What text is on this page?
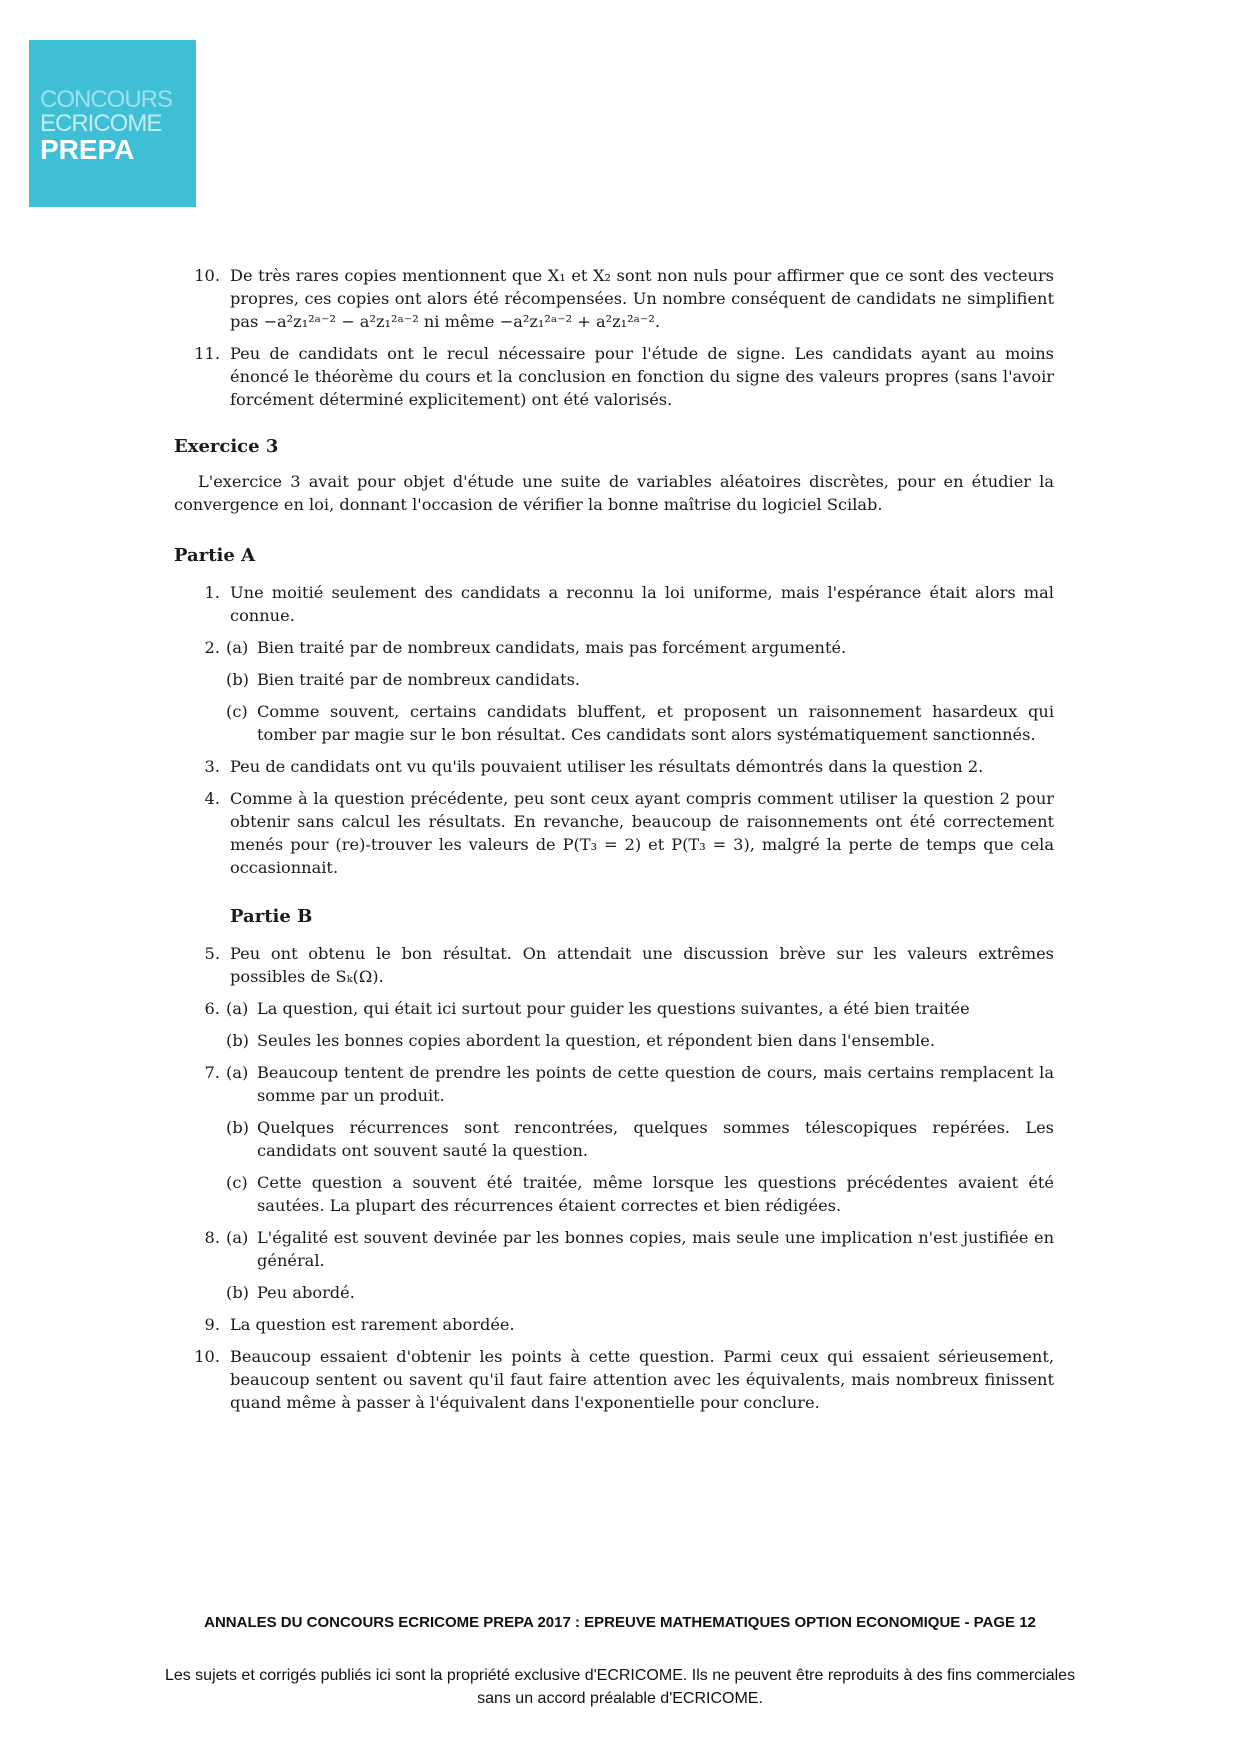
CONCOURS
ECRICOME
PREPA
10. De très rares copies mentionnent que X₁ et X₂ sont non nuls pour affirmer que ce sont des vecteurs propres, ces copies ont alors été récompensées. Un nombre conséquent de candidats ne simplifient pas −a²z₁²ᵃ⁻² − a²z₁²ᵃ⁻² ni même −a²z₁²ᵃ⁻² + a²z₁²ᵃ⁻².
11. Peu de candidats ont le recul nécessaire pour l'étude de signe. Les candidats ayant au moins énoncé le théorème du cours et la conclusion en fonction du signe des valeurs propres (sans l'avoir forcément déterminé explicitement) ont été valorisés.
Exercice 3
L'exercice 3 avait pour objet d'étude une suite de variables aléatoires discrètes, pour en étudier la convergence en loi, donnant l'occasion de vérifier la bonne maîtrise du logiciel Scilab.
Partie A
1. Une moitié seulement des candidats a reconnu la loi uniforme, mais l'espérance était alors mal connue.
2. (a) Bien traité par de nombreux candidats, mais pas forcément argumenté.
(b) Bien traité par de nombreux candidats.
(c) Comme souvent, certains candidats bluffent, et proposent un raisonnement hasardeux qui tomber par magie sur le bon résultat. Ces candidats sont alors systématiquement sanctionnés.
3. Peu de candidats ont vu qu'ils pouvaient utiliser les résultats démontrés dans la question 2.
4. Comme à la question précédente, peu sont ceux ayant compris comment utiliser la question 2 pour obtenir sans calcul les résultats. En revanche, beaucoup de raisonnements ont été correctement menés pour (re)-trouver les valeurs de P(T₃ = 2) et P(T₃ = 3), malgré la perte de temps que cela occasionnait.
Partie B
5. Peu ont obtenu le bon résultat. On attendait une discussion brève sur les valeurs extrêmes possibles de Sₖ(Ω).
6. (a) La question, qui était ici surtout pour guider les questions suivantes, a été bien traitée
(b) Seules les bonnes copies abordent la question, et répondent bien dans l'ensemble.
7. (a) Beaucoup tentent de prendre les points de cette question de cours, mais certains remplacent la somme par un produit.
(b) Quelques récurrences sont rencontrées, quelques sommes télescopiques repérées. Les candidats ont souvent sauté la question.
(c) Cette question a souvent été traitée, même lorsque les questions précédentes avaient été sautées. La plupart des récurrences étaient correctes et bien rédigées.
8. (a) L'égalité est souvent devinée par les bonnes copies, mais seule une implication n'est justifiée en général.
(b) Peu abordé.
9. La question est rarement abordée.
10. Beaucoup essaient d'obtenir les points à cette question. Parmi ceux qui essaient sérieusement, beaucoup sentent ou savent qu'il faut faire attention avec les équivalents, mais nombreux finissent quand même à passer à l'équivalent dans l'exponentielle pour conclure.
ANNALES DU CONCOURS ECRICOME PREPA 2017 : EPREUVE MATHEMATIQUES OPTION ECONOMIQUE - PAGE 12
Les sujets et corrigés publiés ici sont la propriété exclusive d'ECRICOME. Ils ne peuvent être reproduits à des fins commerciales sans un accord préalable d'ECRICOME.
